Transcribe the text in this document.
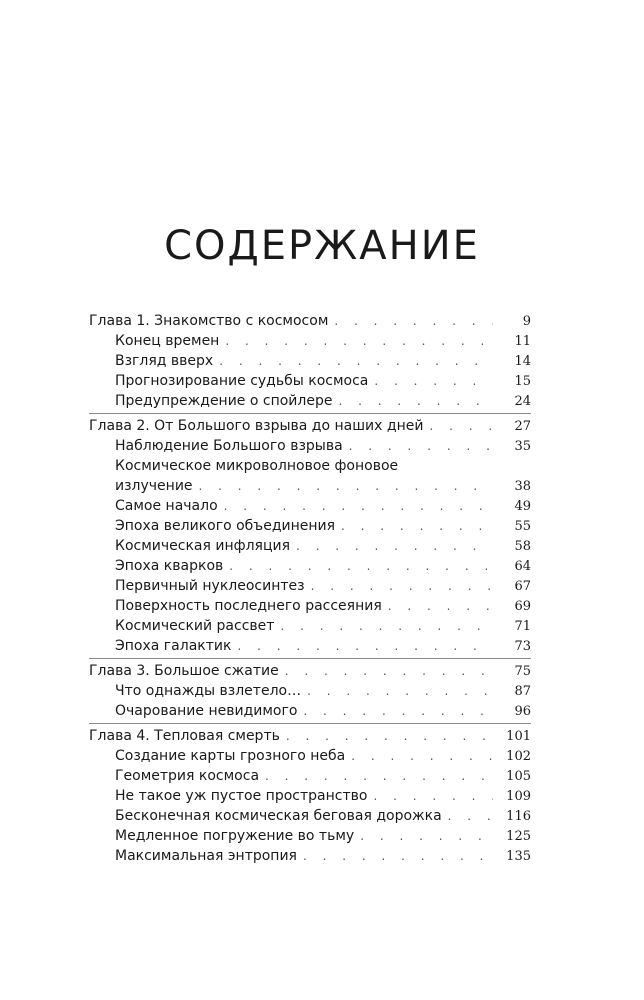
СОДЕРЖАНИЕ
Глава 1. Знакомство с космосом . . .	9
Конец времен . . .	11
Взгляд вверх . . .	14
Прогнозирование судьбы космоса . . .	15
Предупреждение о спойлере . . .	24
Глава 2. От Большого взрыва до наших дней . . .	27
Наблюдение Большого взрыва . . .	35
Космическое микроволновое фоновое
излучение . . .	38
Самое начало . . .	49
Эпоха великого объединения . . .	55
Космическая инфляция . . .	58
Эпоха кварков . . .	64
Первичный нуклеосинтез . . .	67
Поверхность последнего рассеяния . . .	69
Космический рассвет . . .	71
Эпоха галактик . . .	73
Глава 3. Большое сжатие . . .	75
Что однажды взлетело… . . .	87
Очарование невидимого . . .	96
Глава 4. Тепловая смерть . . .	101
Создание карты грозного неба . . .	102
Геометрия космоса . . .	105
Не такое уж пустое пространство . . .	109
Бесконечная космическая беговая дорожка . . .	116
Медленное погружение во тьму . . .	125
Максимальная энтропия . . .	135
